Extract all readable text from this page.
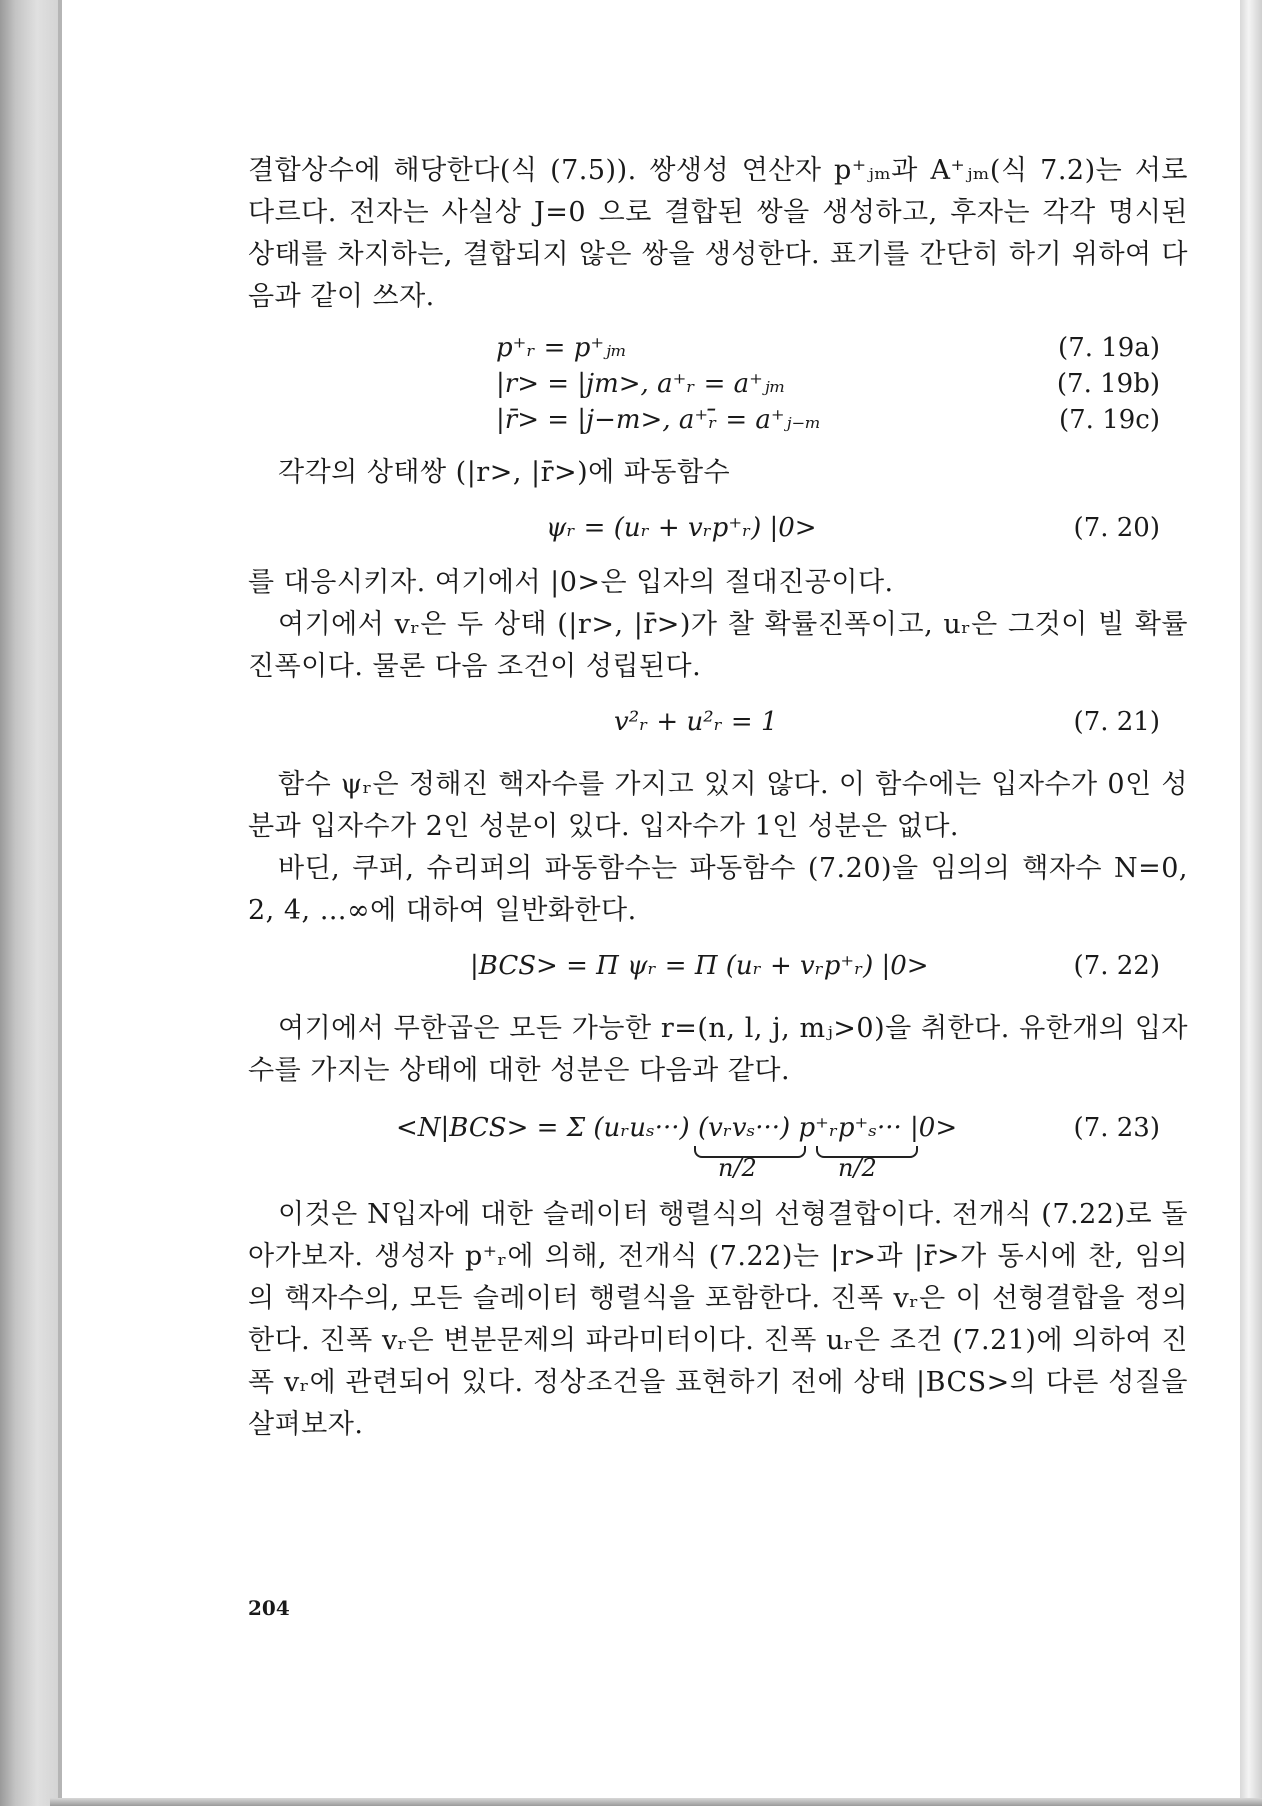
결합상수에 해당한다(식 (7.5)). 쌍생성 연산자 p⁺ⱼₘ과 A⁺ⱼₘ(식 7.2)는 서로 다르다. 전자는 사실상 J=0 으로 결합된 쌍을 생성하고, 후자는 각각 명시된 상태를 차지하는, 결합되지 않은 쌍을 생성한다. 표기를 간단히 하기 위하여 다음과 같이 쓰자.

p⁺ᵣ = p⁺ⱼₘ	(7. 19a)
|r> = |jm>, a⁺ᵣ = a⁺ⱼₘ	(7. 19b)
|r̄> = |j−m>, a⁺ᵣ̄ = a⁺ⱼ₋ₘ	(7. 19c)

각각의 상태쌍 (|r>, |r̄>)에 파동함수

ψᵣ = (uᵣ + vᵣp⁺ᵣ) |0>	(7. 20)

를 대응시키자. 여기에서 |0>은 입자의 절대진공이다.

여기에서 vᵣ은 두 상태 (|r>, |r̄>)가 찰 확률진폭이고, uᵣ은 그것이 빌 확률진폭이다. 물론 다음 조건이 성립된다.

v²ᵣ + u²ᵣ = 1	(7. 21)

함수 ψᵣ은 정해진 핵자수를 가지고 있지 않다. 이 함수에는 입자수가 0인 성분과 입자수가 2인 성분이 있다. 입자수가 1인 성분은 없다.

바딘, 쿠퍼, 슈리퍼의 파동함수는 파동함수 (7.20)을 임의의 핵자수 N=0, 2, 4, …∞에 대하여 일반화한다.

|BCS> = Π ψᵣ = Π (uᵣ + vᵣp⁺ᵣ) |0>	(7. 22)

여기에서 무한곱은 모든 가능한 r=(n, l, j, mⱼ>0)을 취한다. 유한개의 입자수를 가지는 상태에 대한 성분은 다음과 같다.

<N|BCS> = Σ (uᵣuₛ···) (vᵣvₛ···) p⁺ᵣp⁺ₛ··· |0>	(7. 23)
n/2	n/2

이것은 N입자에 대한 슬레이터 행렬식의 선형결합이다. 전개식 (7.22)로 돌아가보자. 생성자 p⁺ᵣ에 의해, 전개식 (7.22)는 |r>과 |r̄>가 동시에 찬, 임의의 핵자수의, 모든 슬레이터 행렬식을 포함한다. 진폭 vᵣ은 이 선형결합을 정의한다. 진폭 vᵣ은 변분문제의 파라미터이다. 진폭 uᵣ은 조건 (7.21)에 의하여 진폭 vᵣ에 관련되어 있다. 정상조건을 표현하기 전에 상태 |BCS>의 다른 성질을 살펴보자.

204
